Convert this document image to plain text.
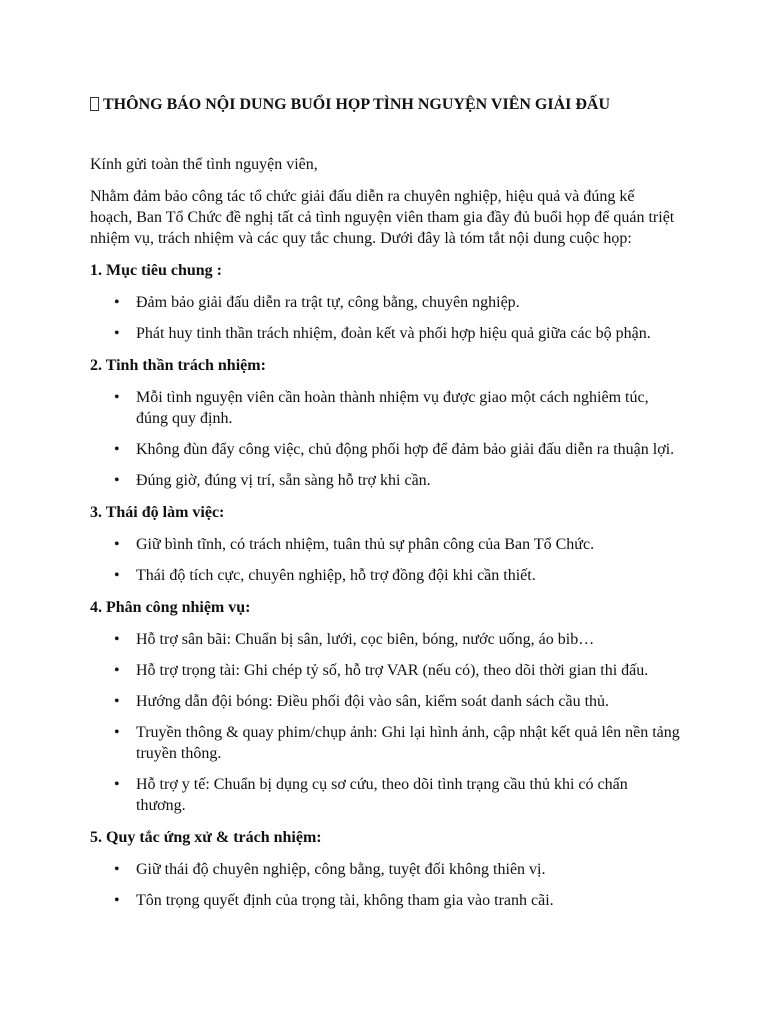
THÔNG BÁO NỘI DUNG BUỔI HỌP TÌNH NGUYỆN VIÊN GIẢI ĐẤU

Kính gửi toàn thể tình nguyện viên,

Nhằm đảm bảo công tác tổ chức giải đấu diễn ra chuyên nghiệp, hiệu quả và đúng kế hoạch, Ban Tổ Chức đề nghị tất cả tình nguyện viên tham gia đầy đủ buổi họp để quán triệt nhiệm vụ, trách nhiệm và các quy tắc chung. Dưới đây là tóm tắt nội dung cuộc họp:

1. Mục tiêu chung :
• Đảm bảo giải đấu diễn ra trật tự, công bằng, chuyên nghiệp.
• Phát huy tinh thần trách nhiệm, đoàn kết và phối hợp hiệu quả giữa các bộ phận.
2. Tinh thần trách nhiệm:
• Mỗi tình nguyện viên cần hoàn thành nhiệm vụ được giao một cách nghiêm túc, đúng quy định.
• Không đùn đẩy công việc, chủ động phối hợp để đảm bảo giải đấu diễn ra thuận lợi.
• Đúng giờ, đúng vị trí, sẵn sàng hỗ trợ khi cần.
3. Thái độ làm việc:
• Giữ bình tĩnh, có trách nhiệm, tuân thủ sự phân công của Ban Tổ Chức.
• Thái độ tích cực, chuyên nghiệp, hỗ trợ đồng đội khi cần thiết.
4. Phân công nhiệm vụ:
• Hỗ trợ sân bãi: Chuẩn bị sân, lưới, cọc biên, bóng, nước uống, áo bib…
• Hỗ trợ trọng tài: Ghi chép tỷ số, hỗ trợ VAR (nếu có), theo dõi thời gian thi đấu.
• Hướng dẫn đội bóng: Điều phối đội vào sân, kiểm soát danh sách cầu thủ.
• Truyền thông & quay phim/chụp ảnh: Ghi lại hình ảnh, cập nhật kết quả lên nền tảng truyền thông.
• Hỗ trợ y tế: Chuẩn bị dụng cụ sơ cứu, theo dõi tình trạng cầu thủ khi có chấn thương.
5. Quy tắc ứng xử & trách nhiệm:
• Giữ thái độ chuyên nghiệp, công bằng, tuyệt đối không thiên vị.
• Tôn trọng quyết định của trọng tài, không tham gia vào tranh cãi.
